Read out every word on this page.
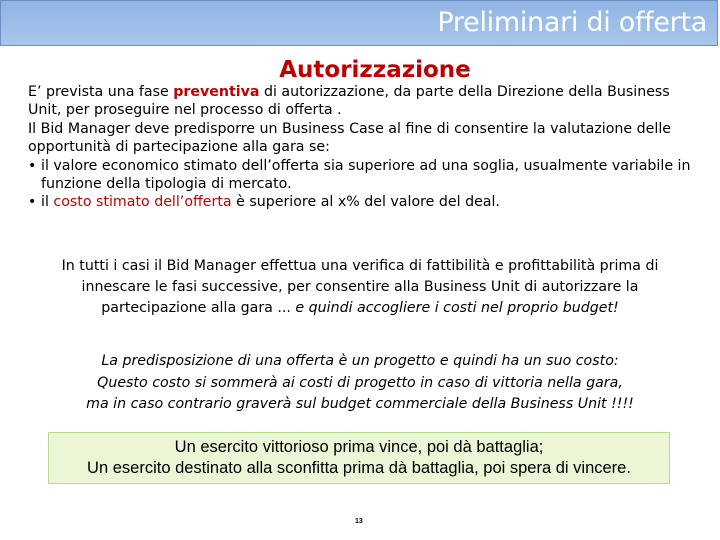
Preliminari di offerta
Autorizzazione

E’ prevista una fase preventiva di autorizzazione, da parte della Direzione della Business Unit, per proseguire nel processo di offerta .

Il Bid Manager deve predisporre un Business Case al fine di consentire la valutazione delle opportunità di partecipazione alla gara se:

• il valore economico stimato dell’offerta sia superiore ad una soglia, usualmente variabile in funzione della tipologia di mercato.

• il costo stimato dell’offerta è superiore al x% del valore del deal.

In tutti i casi il Bid Manager effettua una verifica di fattibilità e profittabilità prima di innescare le fasi successive, per consentire alla Business Unit di autorizzare la partecipazione alla gara ... e quindi accogliere i costi nel proprio budget!
La predisposizione di una offerta è un progetto e quindi ha un suo costo:
Questo costo si sommerà ai costi di progetto in caso di vittoria nella gara,
ma in caso contrario graverà sul budget commerciale della Business Unit !!!!
Un esercito vittorioso prima vince, poi dà battaglia;
Un esercito destinato alla sconfitta prima dà battaglia, poi spera di vincere.
13
